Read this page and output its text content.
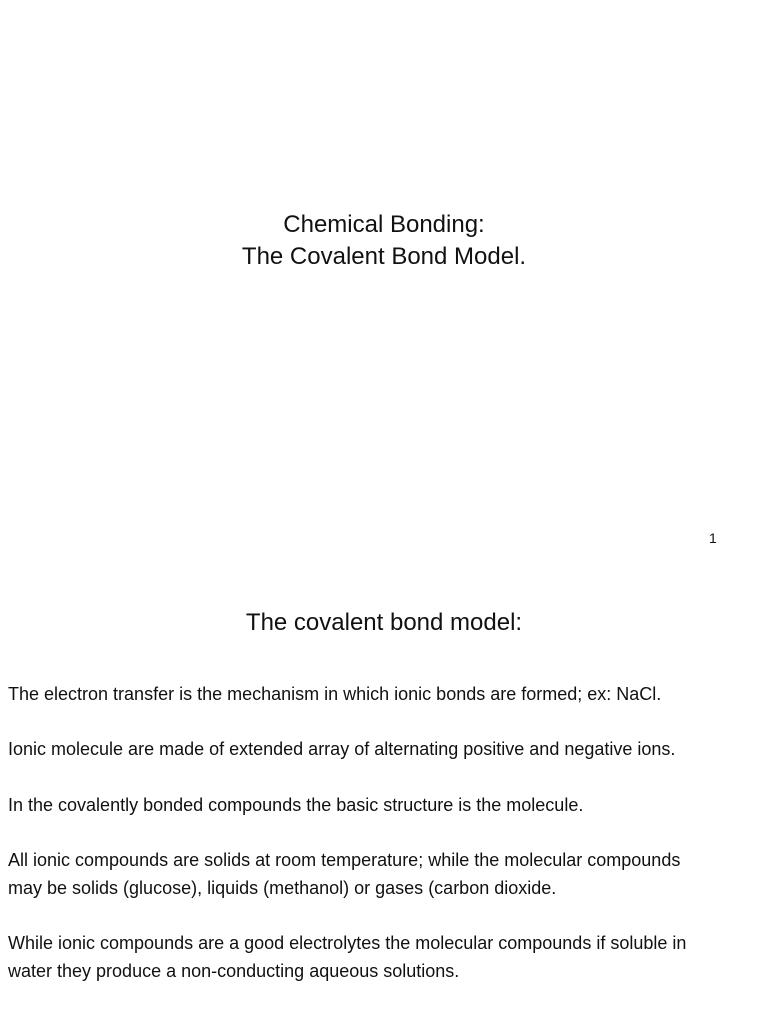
Chemical Bonding:
The Covalent Bond Model.
1
The covalent bond model:
The electron transfer is the mechanism in which ionic bonds are formed; ex: NaCl.
Ionic molecule are made of extended array of alternating positive and negative ions.
In the covalently bonded compounds the basic structure is the molecule.
All ionic compounds are solids at room temperature; while the molecular compounds
may be solids (glucose), liquids (methanol) or gases (carbon dioxide.
While ionic compounds are a good electrolytes the molecular compounds if soluble in
water they produce a non-conducting aqueous solutions.
